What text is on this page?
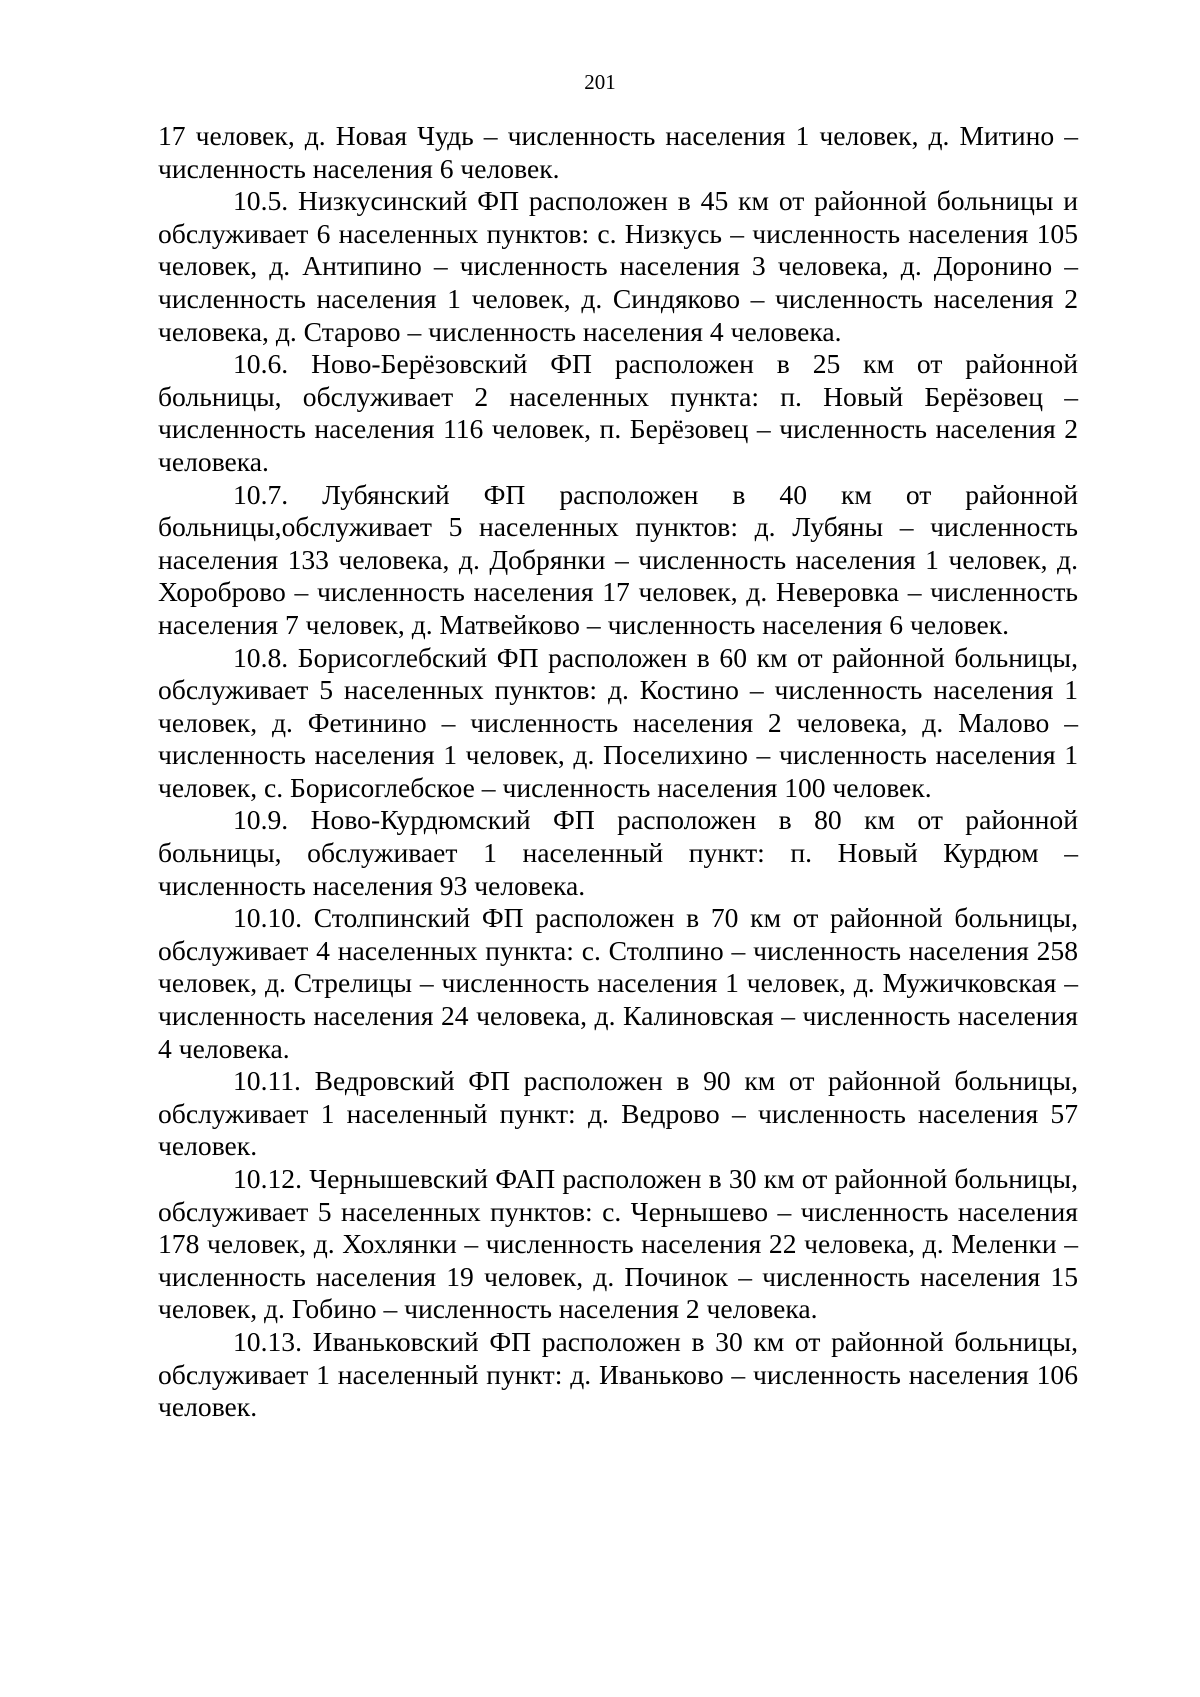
201

17 человек, д. Новая Чудь – численность населения 1 человек, д. Митино – численность населения 6 человек.

10.5. Низкусинский ФП расположен в 45 км от районной больницы и обслуживает 6 населенных пунктов: с. Низкусь – численность населения 105 человек, д. Антипино – численность населения 3 человека, д. Доронино – численность населения 1 человек, д. Синдяково – численность населения 2 человека, д. Старово – численность населения 4 человека.

10.6. Ново-Берёзовский ФП расположен в 25 км от районной больницы, обслуживает 2 населенных пункта: п. Новый Берёзовец – численность населения 116 человек, п. Берёзовец – численность населения 2 человека.

10.7. Лубянский ФП расположен в 40 км от районной больницы,обслуживает 5 населенных пунктов: д. Лубяны – численность населения 133 человека, д. Добрянки – численность населения 1 человек, д. Хороброво – численность населения 17 человек, д. Неверовка – численность населения 7 человек, д. Матвейково – численность населения 6 человек.

10.8. Борисоглебский ФП расположен в 60 км от районной больницы, обслуживает 5 населенных пунктов: д. Костино – численность населения 1 человек, д. Фетинино – численность населения 2 человека, д. Малово – численность населения 1 человек, д. Поселихино – численность населения 1 человек, с. Борисоглебское – численность населения 100 человек.

10.9. Ново-Курдюмский ФП расположен в 80 км от районной больницы, обслуживает 1 населенный пункт: п. Новый Курдюм – численность населения 93 человека.

10.10. Столпинский ФП расположен в 70 км от районной больницы, обслуживает 4 населенных пункта: с. Столпино – численность населения 258 человек, д. Стрелицы – численность населения 1 человек, д. Мужичковская – численность населения 24 человека, д. Калиновская – численность населения 4 человека.

10.11. Ведровский ФП расположен в 90 км от районной больницы, обслуживает 1 населенный пункт: д. Ведрово – численность населения 57 человек.

10.12. Чернышевский ФАП расположен в 30 км от районной больницы, обслуживает 5 населенных пунктов: с. Чернышево – численность населения 178 человек, д. Хохлянки – численность населения 22 человека, д. Меленки – численность населения 19 человек, д. Починок – численность населения 15 человек, д. Гобино – численность населения 2 человека.

10.13. Иваньковский ФП расположен в 30 км от районной больницы, обслуживает 1 населенный пункт: д. Иваньково – численность населения 106 человек.
